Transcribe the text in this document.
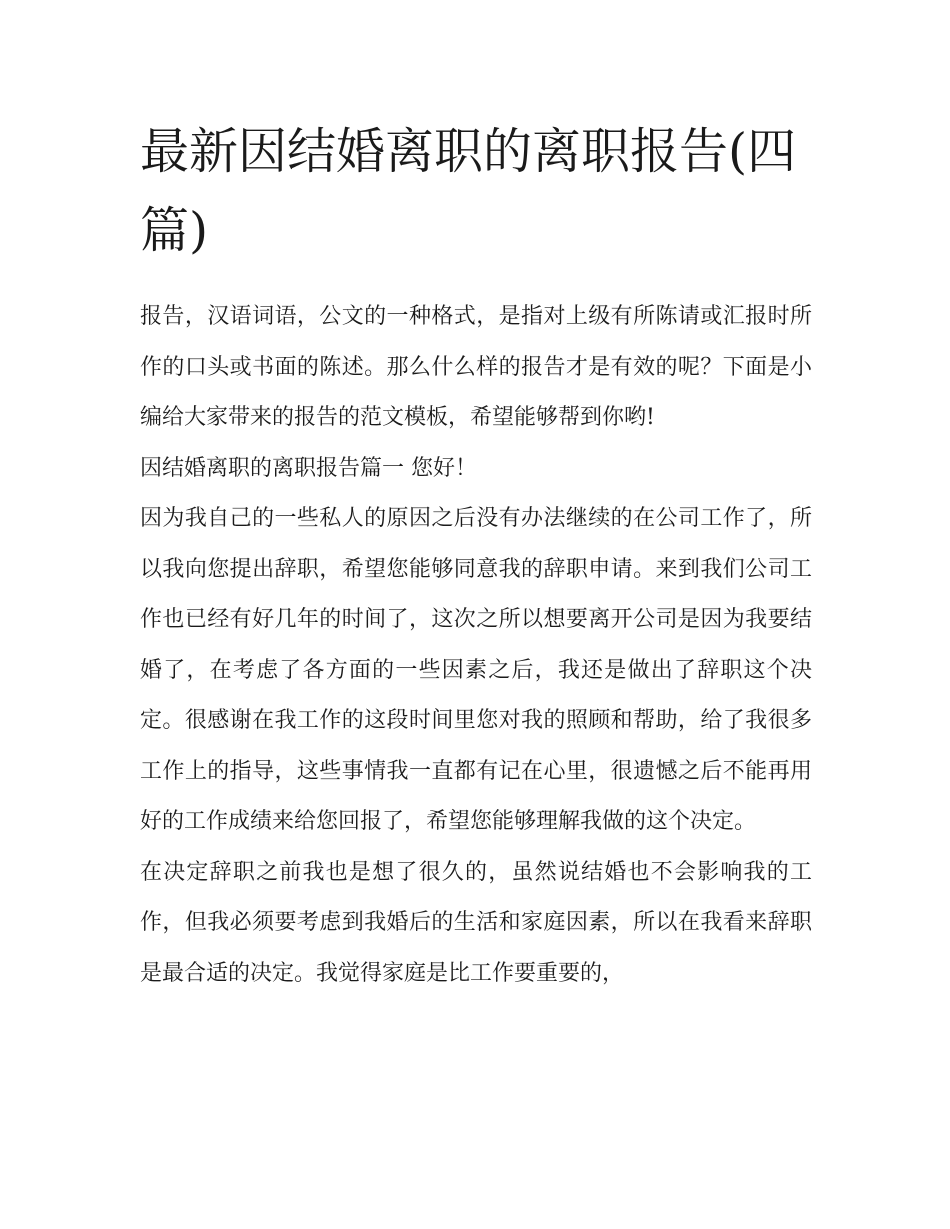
最新因结婚离职的离职报告(四篇)

报告，汉语词语，公文的一种格式，是指对上级有所陈请或汇报时所作的口头或书面的陈述。那么什么样的报告才是有效的呢？下面是小编给大家带来的报告的范文模板，希望能够帮到你哟!

因结婚离职的离职报告篇一 您好！

因为我自己的一些私人的原因之后没有办法继续的在公司工作了，所以我向您提出辞职，希望您能够同意我的辞职申请。来到我们公司工作也已经有好几年的时间了，这次之所以想要离开公司是因为我要结婚了，在考虑了各方面的一些因素之后，我还是做出了辞职这个决定。很感谢在我工作的这段时间里您对我的照顾和帮助，给了我很多工作上的指导，这些事情我一直都有记在心里，很遗憾之后不能再用好的工作成绩来给您回报了，希望您能够理解我做的这个决定。

在决定辞职之前我也是想了很久的，虽然说结婚也不会影响我的工作，但我必须要考虑到我婚后的生活和家庭因素，所以在我看来辞职是最合适的决定。我觉得家庭是比工作要重要的，
